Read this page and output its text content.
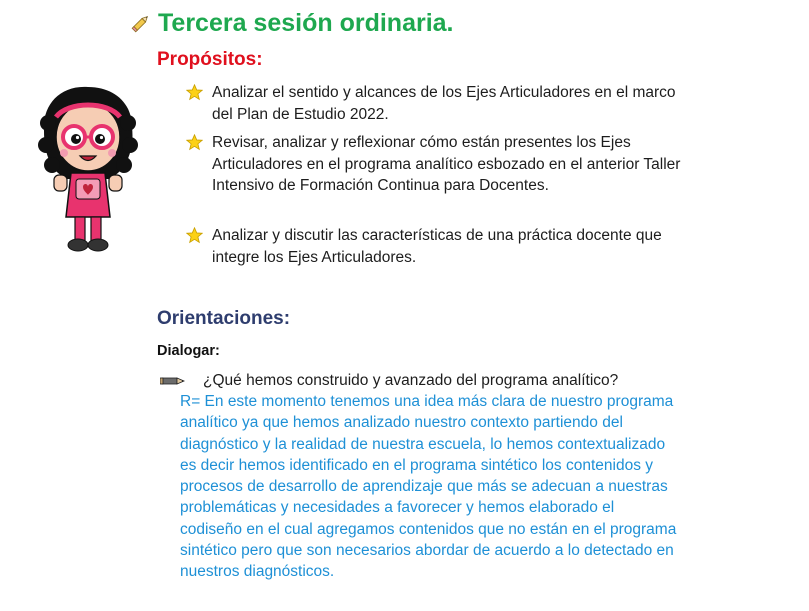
Tercera sesión ordinaria.
Propósitos:
Analizar el sentido y alcances de los Ejes Articuladores en el marco del Plan de Estudio 2022.
Revisar, analizar y reflexionar cómo están presentes los Ejes Articuladores en el programa analítico esbozado en el anterior Taller Intensivo de Formación Continua para Docentes.
Analizar y discutir las características de una práctica docente que integre los Ejes Articuladores.
Orientaciones:
Dialogar:
¿Qué hemos construido y avanzado del programa analítico?
R= En este momento tenemos una idea más clara de nuestro programa analítico ya que hemos analizado nuestro contexto partiendo del diagnóstico y la realidad de nuestra escuela, lo hemos contextualizado es decir hemos identificado en el programa sintético los contenidos y procesos de desarrollo de aprendizaje que más se adecuan a nuestras problemáticas y necesidades a favorecer y hemos elaborado el codiseño en el cual agregamos contenidos que no están en el programa sintético pero que son necesarios abordar de acuerdo a lo detectado en nuestros diagnósticos.
